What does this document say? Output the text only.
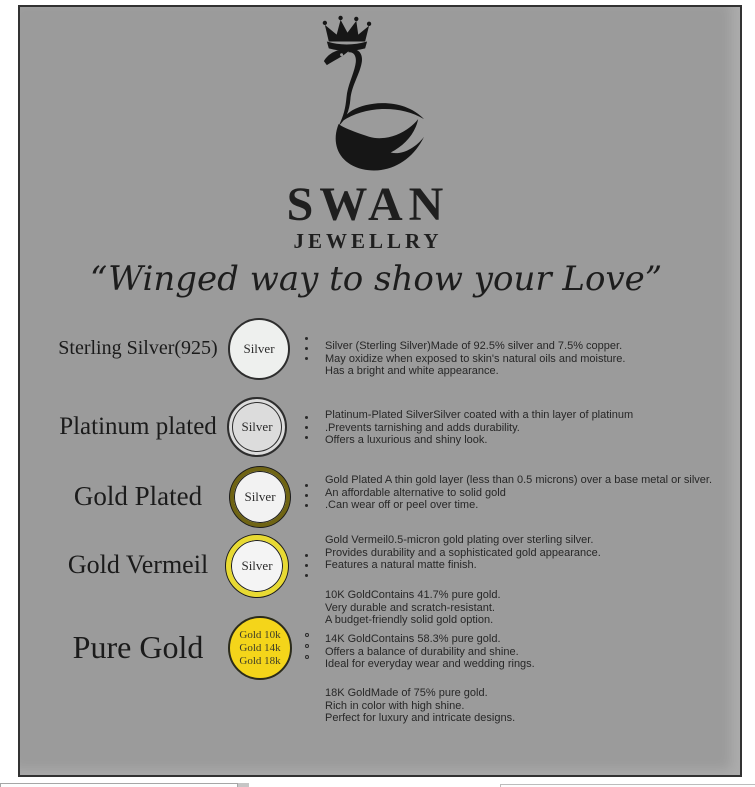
SWAN
JEWELLRY
“Winged way to show your Love”
Sterling Silver(925)	Silver	Silver (Sterling Silver)Made of 92.5% silver and 7.5% copper.
May oxidize when exposed to skin's natural oils and moisture.
Has a bright and white appearance.
Platinum plated	Silver
Platinum-Plated SilverSilver coated with a thin layer of platinum
.Prevents tarnishing and adds durability.
Offers a luxurious and shiny look.
Gold Plated	Silver
Gold Plated A thin gold layer (less than 0.5 microns) over a base metal or silver.
An affordable alternative to solid gold
.Can wear off or peel over time.
Gold Vermeil	Silver
Gold Vermeil0.5-micron gold plating over sterling silver.
Provides durability and a sophisticated gold appearance.
Features a natural matte finish.
Pure Gold	Gold 10k
Gold 14k
Gold 18k
10K GoldContains 41.7% pure gold.
Very durable and scratch-resistant.
A budget-friendly solid gold option.
14K GoldContains 58.3% pure gold.
Offers a balance of durability and shine.
Ideal for everyday wear and wedding rings.
18K GoldMade of 75% pure gold.
Rich in color with high shine.
Perfect for luxury and intricate designs.
